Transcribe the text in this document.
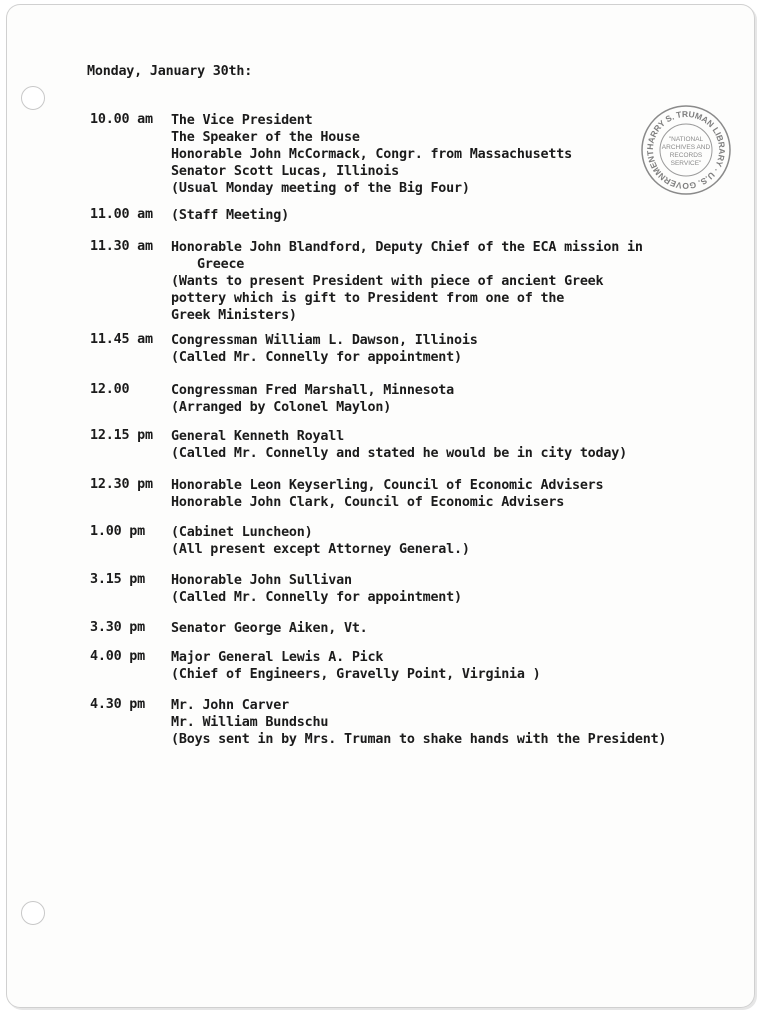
HARRY S. TRUMAN LIBRARY · U.S. GOVERNMENT
"NATIONAL
ARCHIVES AND
RECORDS
SERVICE"
Monday, January 30th:
10.00 am	The Vice President
The Speaker of the House
Honorable John McCormack, Congr. from Massachusetts
Senator Scott Lucas, Illinois
(Usual Monday meeting of the Big Four)
11.00 am	(Staff Meeting)
11.30 am	Honorable John Blandford, Deputy Chief of the ECA mission in
Greece
(Wants to present President with piece of ancient Greek
pottery which is gift to President from one of the
Greek Ministers)
11.45 am	Congressman William L. Dawson, Illinois
(Called Mr. Connelly for appointment)
12.00	Congressman Fred Marshall, Minnesota
(Arranged by Colonel Maylon)
12.15 pm	General Kenneth Royall
(Called Mr. Connelly and stated he would be in city today)
12.30 pm	Honorable Leon Keyserling, Council of Economic Advisers
Honorable John Clark, Council of Economic Advisers
1.00 pm	(Cabinet Luncheon)
(All present except Attorney General.)
3.15 pm	Honorable John Sullivan
(Called Mr. Connelly for appointment)
3.30 pm	Senator George Aiken, Vt.
4.00 pm	Major General Lewis A. Pick
(Chief of Engineers, Gravelly Point, Virginia )
4.30 pm	Mr. John Carver
Mr. William Bundschu
(Boys sent in by Mrs. Truman to shake hands with the President)
